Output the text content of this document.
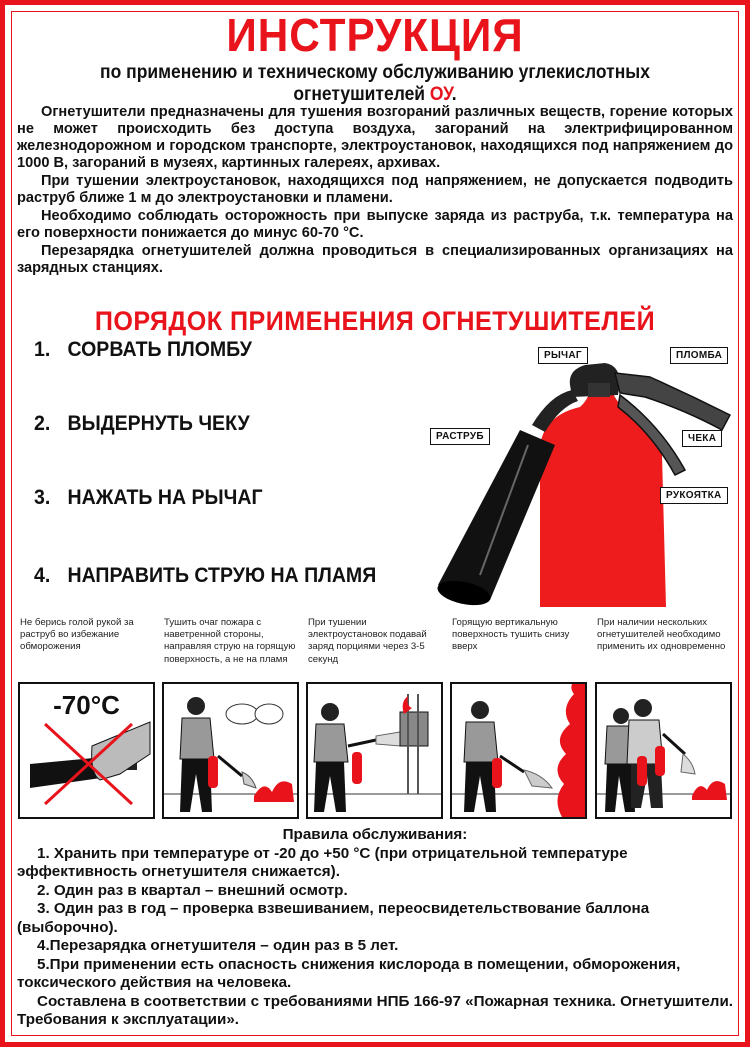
ИНСТРУКЦИЯ
по применению и техническому обслуживанию углекислотных
огнетушителей ОУ.

Огнетушители предназначены для тушения возгораний различных веществ, горение которых не может происходить без доступа воздуха, загораний на электрифицированном железнодорожном и городском транспорте, электроустановок, находящихся под напряжением до 1000 В, загораний в музеях, картинных галереях, архивах.

При тушении электроустановок, находящихся под напряжением, не допускается подводить раструб ближе 1 м до электроустановки и пламени.

Необходимо соблюдать осторожность при выпуске заряда из раструба, т.к. температура на его поверхности понижается до минус 60-70 °С.

Перезарядка огнетушителей должна проводиться в специализированных организациях на зарядных станциях.

ПОРЯДОК ПРИМЕНЕНИЯ ОГНЕТУШИТЕЛЕЙ
1. СОРВАТЬ ПЛОМБУ
2. ВЫДЕРНУТЬ ЧЕКУ
3. НАЖАТЬ НА РЫЧАГ
4. НАПРАВИТЬ СТРУЮ НА ПЛАМЯ
РЫЧАГ	ПЛОМБА
РАСТРУБ	ЧЕКА
РУКОЯТКА
Не берись голой рукой за раструб во избежание обморожения
Тушить очаг пожара с наветренной стороны, направляя струю на горящую поверхность, а не на пламя
При тушении электроустановок подавай заряд порциями через 3-5 секунд
Горящую вертикальную поверхность тушить снизу вверх
При наличии нескольких огнетушителей необходимо применить их одновременно
-70°C
Правила обслуживания:

1. Хранить при температуре от -20 до +50 °С (при отрицательной температуре эффективность огнетушителя снижается).

2. Один раз в квартал – внешний осмотр.

3. Один раз в год – проверка взвешиванием, переосвидетельствование баллона (выборочно).

4.Перезарядка огнетушителя – один раз в 5 лет.

5.При применении есть опасность снижения кислорода в помещении, обморожения, токсического действия на человека.

Составлена в соответствии с требованиями НПБ 166-97 «Пожарная техника. Огнетушители. Требования к эксплуатации».
